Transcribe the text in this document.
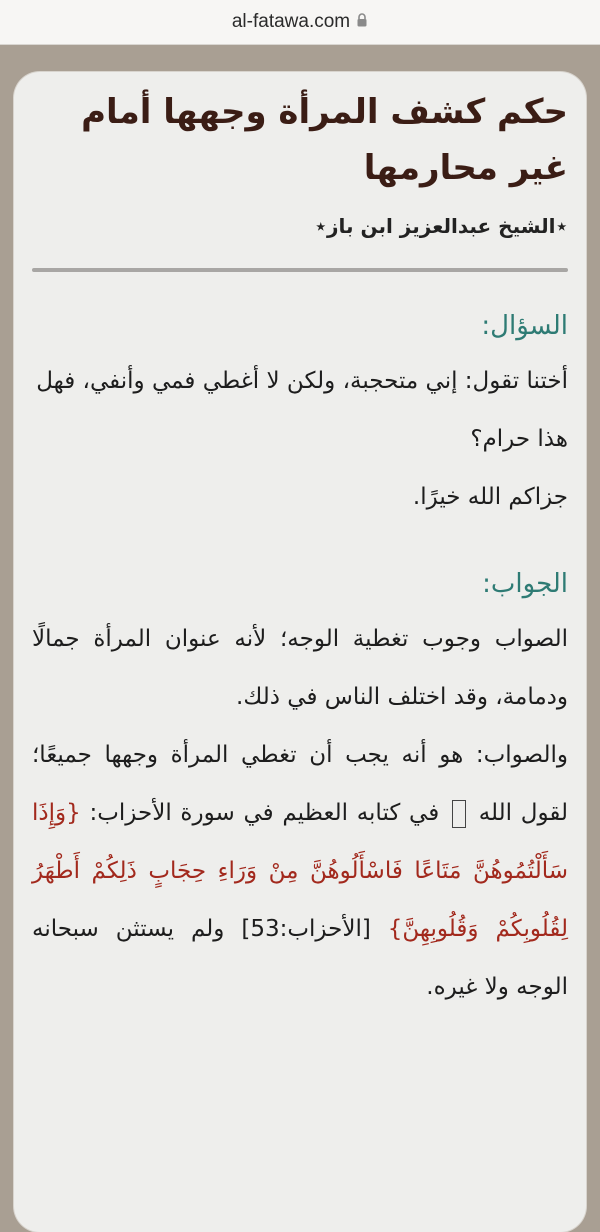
al-fatawa.com
حكم كشف المرأة وجهها أمام غير محارمها
⋆الشيخ عبدالعزيز ابن باز⋆
السؤال:

أختنا تقول: إني متحجبة، ولكن لا أغطي فمي وأنفي، فهل هذا حرام؟

جزاكم الله خيرًا.

الجواب:

الصواب وجوب تغطية الوجه؛ لأنه عنوان المرأة جمالًا ودمامة، وقد اختلف الناس في ذلك.

والصواب: هو أنه يجب أن تغطي المرأة وجهها جميعًا؛ لقول الله  في كتابه العظيم في سورة الأحزاب: {وَإِذَا سَأَلْتُمُوهُنَّ مَتَاعًا فَاسْأَلُوهُنَّ مِنْ وَرَاءِ حِجَابٍ ذَلِكُمْ أَطْهَرُ لِقُلُوبِكُمْ وَقُلُوبِهِنَّ} [الأحزاب:53] ولم يستثن سبحانه الوجه ولا غيره.
